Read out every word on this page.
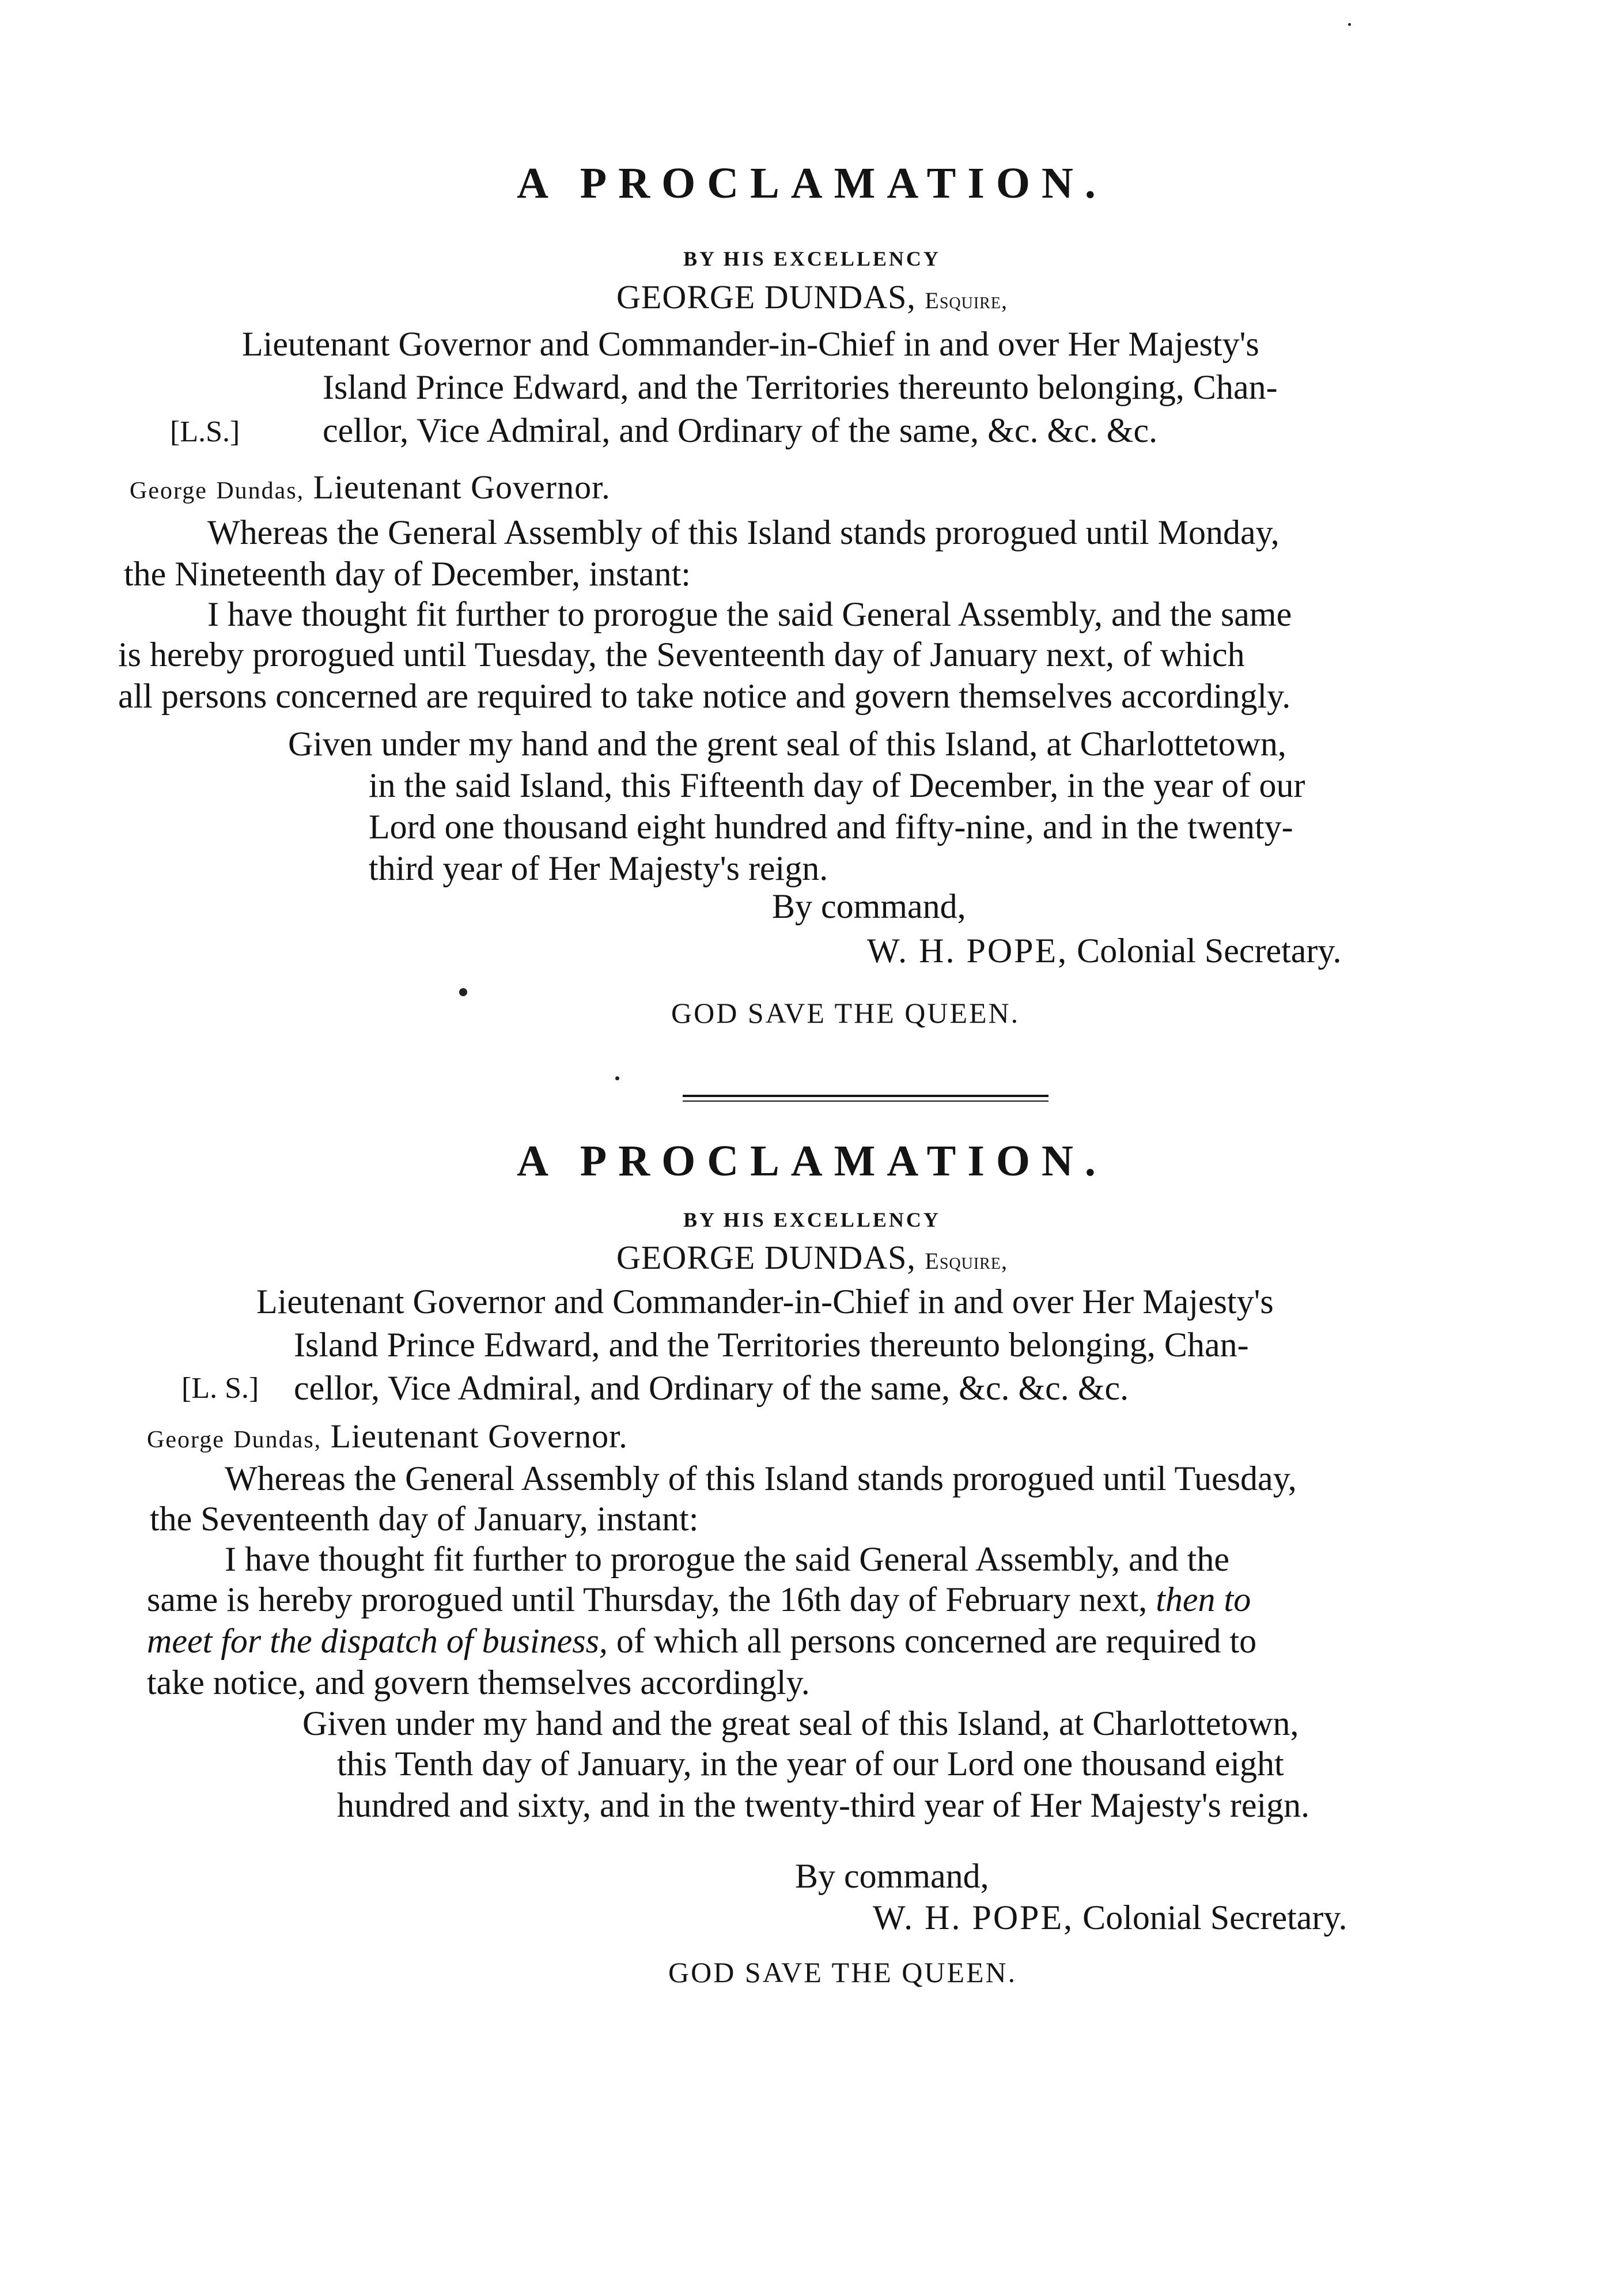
A PROCLAMATION.
BY HIS EXCELLENCY
GEORGE DUNDAS, Esquire,
Lieutenant Governor and Commander-in-Chief in and over Her Majesty's
Island Prince Edward, and the Territories thereunto belonging, Chan-
cellor, Vice Admiral, and Ordinary of the same, &c. &c. &c.
[L.S.]
George Dundas, Lieutenant Governor.
Whereas the General Assembly of this Island stands prorogued until Monday,
the Nineteenth day of December, instant:
I have thought fit further to prorogue the said General Assembly, and the same
is hereby prorogued until Tuesday, the Seventeenth day of January next, of which
all persons concerned are required to take notice and govern themselves accordingly.
Given under my hand and the grent seal of this Island, at Charlottetown,
in the said Island, this Fifteenth day of December, in the year of our
Lord one thousand eight hundred and fifty-nine, and in the twenty-
third year of Her Majesty's reign.
By command,
W. H. POPE, Colonial Secretary.
GOD SAVE THE QUEEN.
A PROCLAMATION.
BY HIS EXCELLENCY
GEORGE DUNDAS, Esquire,
Lieutenant Governor and Commander-in-Chief in and over Her Majesty's
Island Prince Edward, and the Territories thereunto belonging, Chan-
cellor, Vice Admiral, and Ordinary of the same, &c. &c. &c.
[L. S.]
George Dundas, Lieutenant Governor.
Whereas the General Assembly of this Island stands prorogued until Tuesday,
the Seventeenth day of January, instant:
I have thought fit further to prorogue the said General Assembly, and the
same is hereby prorogued until Thursday, the 16th day of February next, then to
meet for the dispatch of business, of which all persons concerned are required to
take notice, and govern themselves accordingly.
Given under my hand and the great seal of this Island, at Charlottetown,
this Tenth day of January, in the year of our Lord one thousand eight
hundred and sixty, and in the twenty-third year of Her Majesty's reign.
By command,
W. H. POPE, Colonial Secretary.
GOD SAVE THE QUEEN.
